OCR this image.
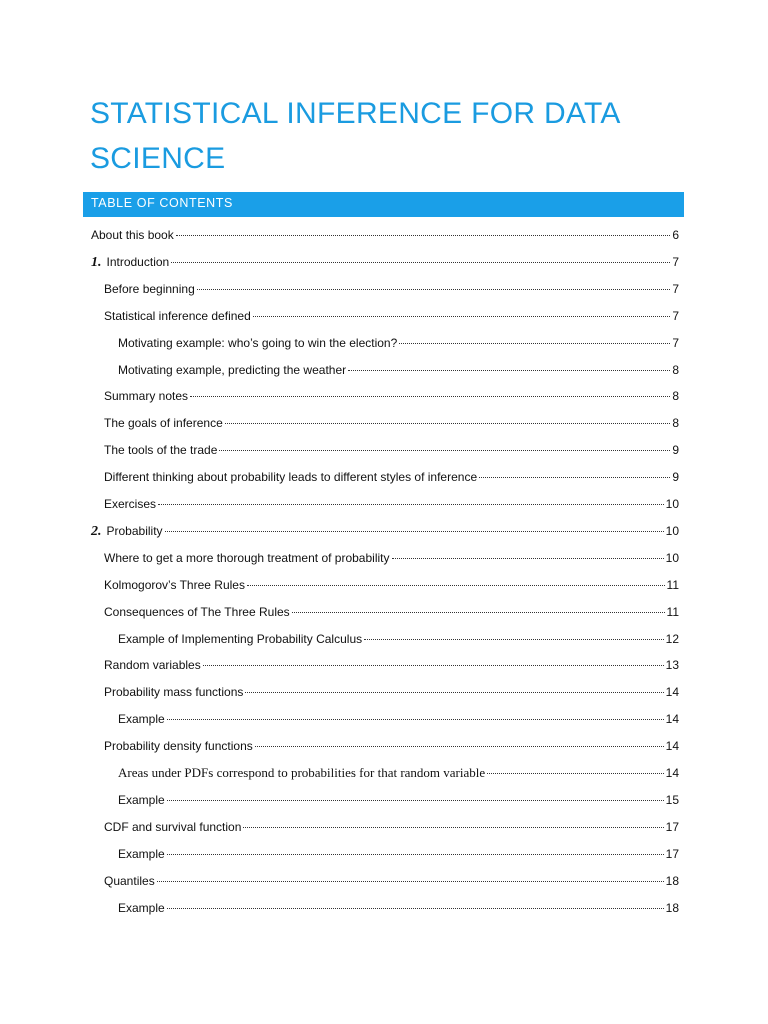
STATISTICAL INFERENCE FOR DATA
SCIENCE
TABLE OF CONTENTS
About this book	6
1. Introduction	7
Before beginning	7
Statistical inference defined	7
Motivating example: who’s going to win the election?	7
Motivating example, predicting the weather	8
Summary notes	8
The goals of inference	8
The tools of the trade	9
Different thinking about probability leads to different styles of inference	9
Exercises	10
2. Probability	10
Where to get a more thorough treatment of probability	10
Kolmogorov’s Three Rules	11
Consequences of The Three Rules	11
Example of Implementing Probability Calculus	12
Random variables	13
Probability mass functions	14
Example	14
Probability density functions	14
Areas under PDFs correspond to probabilities for that random variable	14
Example	15
CDF and survival function	17
Example	17
Quantiles	18
Example	18
